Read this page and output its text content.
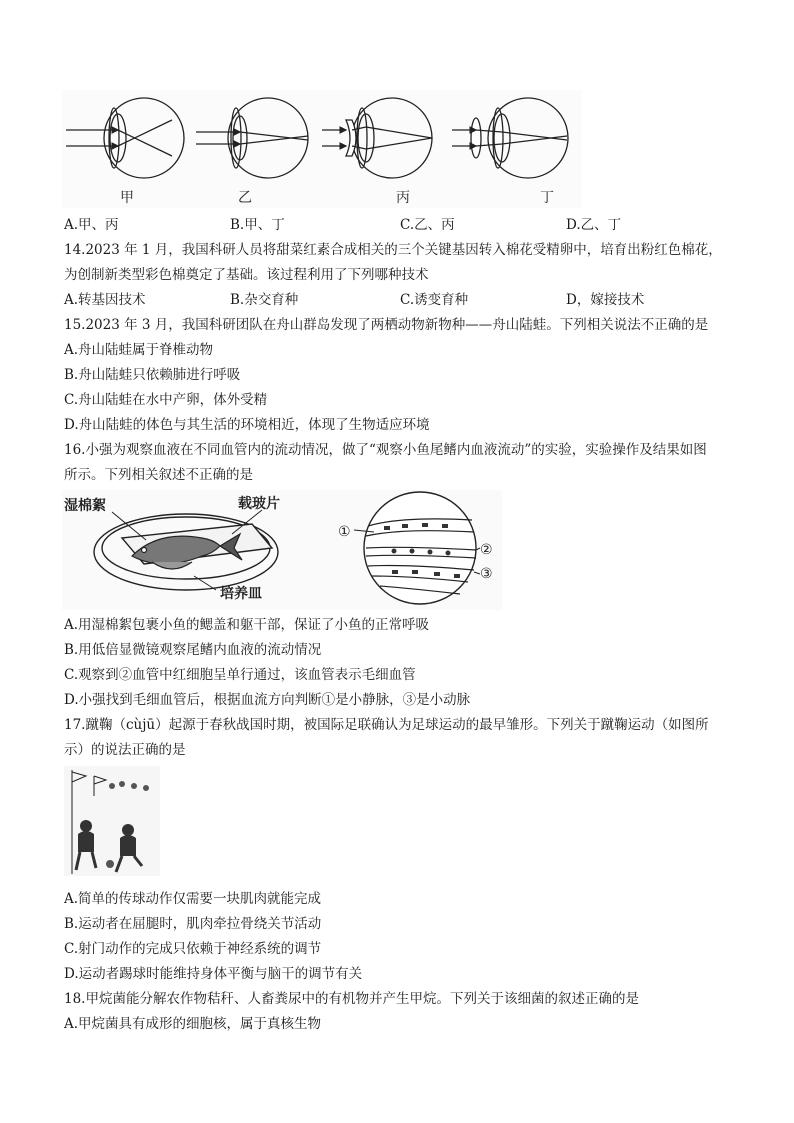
甲	乙	丙	丁
A.甲、丙	B.甲、丁	C.乙、丙	D.乙、丁
14.2023 年 1 月，我国科研人员将甜菜红素合成相关的三个关键基因转入棉花受精卵中，培育出粉红色棉花，
为创制新类型彩色棉奠定了基础。该过程利用了下列哪种技术
A.转基因技术	B.杂交育种	C.诱变育种	D，嫁接技术
15.2023 年 3 月，我国科研团队在舟山群岛发现了两栖动物新物种——舟山陆蛙。下列相关说法不正确的是
A.舟山陆蛙属于脊椎动物
B.舟山陆蛙只依赖肺进行呼吸
C.舟山陆蛙在水中产卵，体外受精
D.舟山陆蛙的体色与其生活的环境相近，体现了生物适应环境
16.小强为观察血液在不同血管内的流动情况，做了“观察小鱼尾鳍内血液流动”的实验，实验操作及结果如图
所示。下列相关叙述不正确的是
湿棉絮	载玻片
培养皿
①
②
③
A.用湿棉絮包裹小鱼的鳃盖和躯干部，保证了小鱼的正常呼吸
B.用低倍显微镜观察尾鳍内血液的流动情况
C.观察到②血管中红细胞呈单行通过，该血管表示毛细血管
D.小强找到毛细血管后，根据血流方向判断①是小静脉，③是小动脉
17.蹴鞠（cùjū）起源于春秋战国时期，被国际足联确认为足球运动的最早雏形。下列关于蹴鞠运动（如图所
示）的说法正确的是
A.简单的传球动作仅需要一块肌肉就能完成
B.运动者在屈腿时，肌肉牵拉骨绕关节活动
C.射门动作的完成只依赖于神经系统的调节
D.运动者踢球时能维持身体平衡与脑干的调节有关
18.甲烷菌能分解农作物秸秆、人畜粪尿中的有机物并产生甲烷。下列关于该细菌的叙述正确的是
A.甲烷菌具有成形的细胞核，属于真核生物
